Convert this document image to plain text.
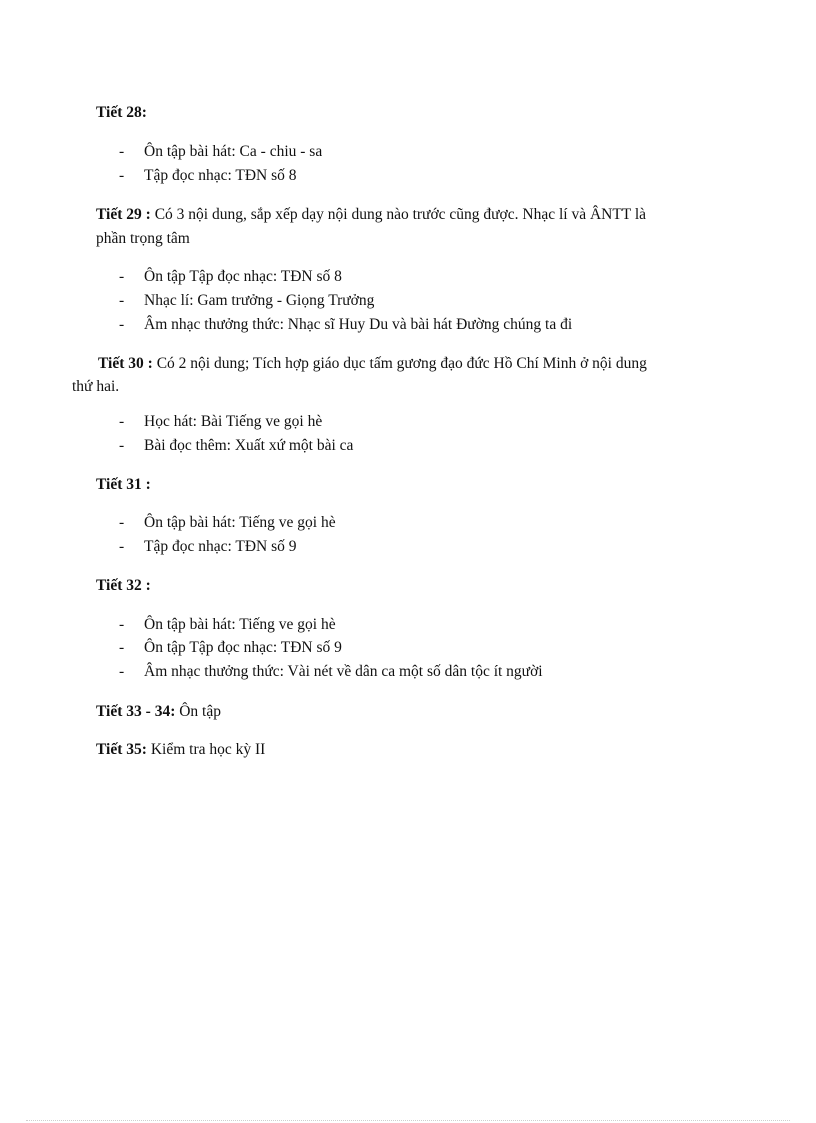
Tiết 28:
- Ôn tập bài hát: Ca - chiu - sa
- Tập đọc nhạc: TĐN số 8
Tiết 29 : Có 3 nội dung, sắp xếp dạy nội dung nào trước cũng được. Nhạc lí và ÂNTT là
phần trọng tâm
- Ôn tập Tập đọc nhạc: TĐN số 8
- Nhạc lí: Gam trưởng - Giọng Trưởng
- Âm nhạc thưởng thức: Nhạc sĩ Huy Du và bài hát Đường chúng ta đi
Tiết 30 : Có 2 nội dung; Tích hợp giáo dục tấm gương đạo đức Hồ Chí Minh ở nội dung
thứ hai.
- Học hát: Bài Tiếng ve gọi hè
- Bài đọc thêm: Xuất xứ một bài ca
Tiết 31 :
- Ôn tập bài hát: Tiếng ve gọi hè
- Tập đọc nhạc: TĐN số 9
Tiết 32 :
- Ôn tập bài hát: Tiếng ve gọi hè
- Ôn tập Tập đọc nhạc: TĐN số 9
- Âm nhạc thưởng thức: Vài nét về dân ca một số dân tộc ít người
Tiết 33 - 34: Ôn tập
Tiết 35: Kiểm tra học kỳ II
